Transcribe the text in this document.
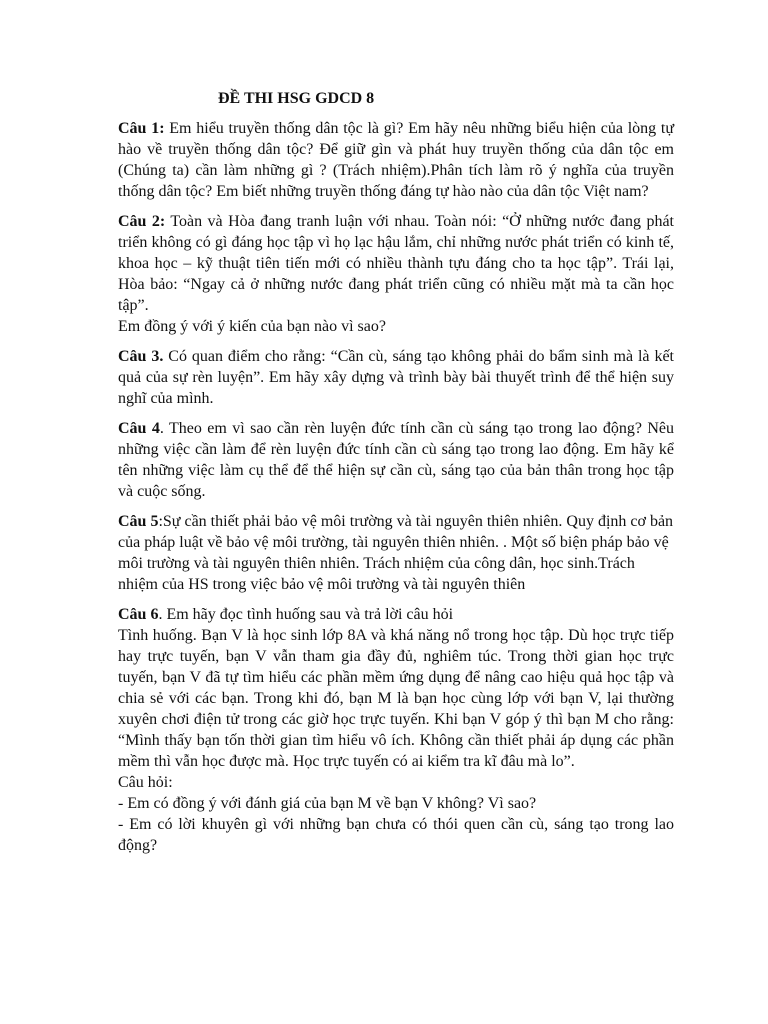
ĐỀ THI HSG GDCD 8
Câu 1: Em hiểu truyền thống dân tộc là gì? Em hãy nêu những biểu hiện của lòng tự hào về truyền thống dân tộc? Để giữ gìn và phát huy truyền thống của dân tộc em (Chúng ta) cần làm những gì ? (Trách nhiệm).Phân tích làm rõ ý nghĩa của truyền thống dân tộc? Em biết những truyền thống đáng tự hào nào của dân tộc Việt nam?
Câu 2: Toàn và Hòa đang tranh luận với nhau. Toàn nói: “Ở những nước đang phát triển không có gì đáng học tập vì họ lạc hậu lắm, chỉ những nước phát triển có kinh tế, khoa học – kỹ thuật tiên tiến mới có nhiều thành tựu đáng cho ta học tập”. Trái lại, Hòa bảo: “Ngay cả ở những nước đang phát triển cũng có nhiều mặt mà ta cần học tập”.
Em đồng ý với ý kiến của bạn nào vì sao?
Câu 3. Có quan điểm cho rằng: “Cần cù, sáng tạo không phải do bẩm sinh mà là kết quả của sự rèn luyện”. Em hãy xây dựng và trình bày bài thuyết trình để thể hiện suy nghĩ của mình.
Câu 4. Theo em vì sao cần rèn luyện đức tính cần cù sáng tạo trong lao động? Nêu những việc cần làm để rèn luyện đức tính cần cù sáng tạo trong lao động. Em hãy kể tên những việc làm cụ thể để thể hiện sự cần cù, sáng tạo của bản thân trong học tập và cuộc sống.
Câu 5:Sự cần thiết phải bảo vệ môi trường và tài nguyên thiên nhiên. Quy định cơ bản của pháp luật về bảo vệ môi trường, tài nguyên thiên nhiên. . Một số biện pháp bảo vệ môi trường và tài nguyên thiên nhiên. Trách nhiệm của công dân, học sinh.Trách nhiệm của HS trong việc bảo vệ môi trường và tài nguyên thiên
Câu 6. Em hãy đọc tình huống sau và trả lời câu hỏi
Tình huống. Bạn V là học sinh lớp 8A và khá năng nổ trong học tập. Dù học trực tiếp hay trực tuyến, bạn V vẫn tham gia đầy đủ, nghiêm túc. Trong thời gian học trực tuyến, bạn V đã tự tìm hiểu các phần mềm ứng dụng để nâng cao hiệu quả học tập và chia sẻ với các bạn. Trong khi đó, bạn M là bạn học cùng lớp với bạn V, lại thường xuyên chơi điện tử trong các giờ học trực tuyến. Khi bạn V góp ý thì bạn M cho rằng: “Mình thấy bạn tốn thời gian tìm hiểu vô ích. Không cần thiết phải áp dụng các phần mềm thì vẫn học được mà. Học trực tuyến có ai kiểm tra kĩ đâu mà lo”.
Câu hỏi:
- Em có đồng ý với đánh giá của bạn M về bạn V không? Vì sao?
- Em có lời khuyên gì với những bạn chưa có thói quen cần cù, sáng tạo trong lao động?
